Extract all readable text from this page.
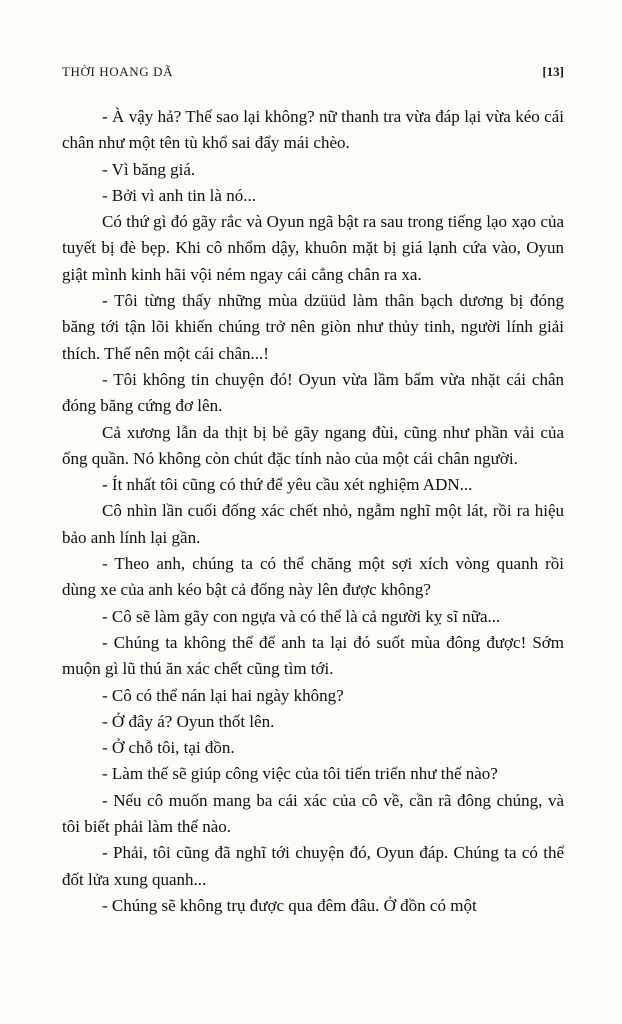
THỜI HOANG DÃ	[13]

- À vậy hả? Thế sao lại không? nữ thanh tra vừa đáp lại vừa kéo cái chân như một tên tù khổ sai đẩy mái chèo.

- Vì băng giá.

- Bởi vì anh tin là nó...

Có thứ gì đó gãy rắc và Oyun ngã bật ra sau trong tiếng lạo xạo của tuyết bị đè bẹp. Khi cô nhổm dậy, khuôn mặt bị giá lạnh cứa vào, Oyun giật mình kinh hãi vội ném ngay cái cẳng chân ra xa.

- Tôi từng thấy những mùa dzüüd làm thân bạch dương bị đóng băng tới tận lõi khiến chúng trở nên giòn như thủy tinh, người lính giải thích. Thế nên một cái chân...!

- Tôi không tin chuyện đó! Oyun vừa lầm bẩm vừa nhặt cái chân đóng băng cứng đơ lên.

Cả xương lẫn da thịt bị bẻ gãy ngang đùi, cũng như phần vải của ống quần. Nó không còn chút đặc tính nào của một cái chân người.

- Ít nhất tôi cũng có thứ để yêu cầu xét nghiệm ADN...

Cô nhìn lần cuối đống xác chết nhỏ, ngẫm nghĩ một lát, rồi ra hiệu bảo anh lính lại gần.

- Theo anh, chúng ta có thể chăng một sợi xích vòng quanh rồi dùng xe của anh kéo bật cả đống này lên được không?

- Cô sẽ làm gãy con ngựa và có thể là cả người kỵ sĩ nữa...

- Chúng ta không thể để anh ta lại đó suốt mùa đông được! Sớm muộn gì lũ thú ăn xác chết cũng tìm tới.

- Cô có thể nán lại hai ngày không?

- Ở đây á? Oyun thốt lên.

- Ở chỗ tôi, tại đồn.

- Làm thế sẽ giúp công việc của tôi tiến triển như thế nào?

- Nếu cô muốn mang ba cái xác của cô về, cần rã đông chúng, và tôi biết phải làm thế nào.

- Phải, tôi cũng đã nghĩ tới chuyện đó, Oyun đáp. Chúng ta có thể đốt lửa xung quanh...

- Chúng sẽ không trụ được qua đêm đâu. Ở đồn có một
